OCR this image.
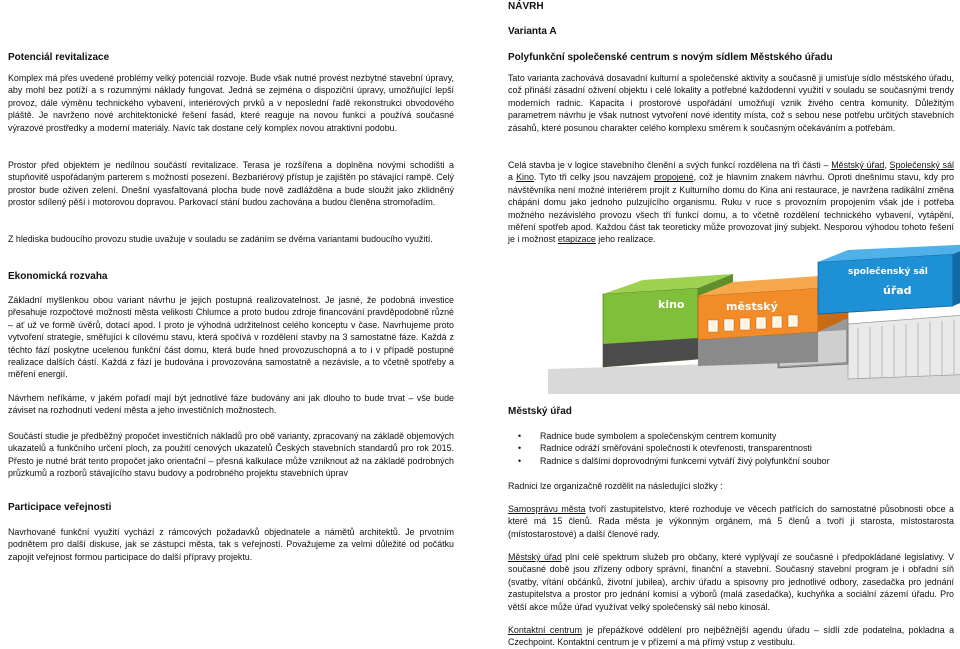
Potenciál revitalizace

Komplex má přes uvedené problémy velký potenciál rozvoje. Bude však nutné provést nezbytné stavební úpravy, aby mohl bez potíží a s rozumnými náklady fungovat. Jedná se zejména o dispoziční úpravy, umožňující lepší provoz, dále výměnu technického vybavení, interiérových prvků a v neposlední řadě rekonstrukci obvodového pláště. Je navrženo nové architektonické řešení fasád, které reaguje na novou funkci a používá současné výrazové prostředky a moderní materiály. Navíc tak dostane celý komplex novou atraktivní podobu.

Prostor před objektem je nedílnou součástí revitalizace. Terasa je rozšířena a doplněna novými schodišti a stupňovitě uspořádaným parterem s možností posezení. Bezbariérový přístup je zajištěn po stávající rampě. Celý prostor bude oživen zelení. Dnešní vyasfaltovaná plocha bude nově zadlážděna a bude sloužit jako zklidněný prostor sdílený pěší i motorovou dopravou. Parkovací stání budou zachována a budou členěna stromořadím.

Z hlediska budoucího provozu studie uvažuje v souladu se zadáním se dvěma variantami budoucího využití.

Ekonomická rozvaha

Základní myšlenkou obou variant návrhu je jejich postupná realizovatelnost. Je jasné, že podobná investice přesahuje rozpočtové možnosti města velikosti Chlumce a proto budou zdroje financování pravděpodobně různé – ať už ve formě úvěrů, dotací apod. I proto je výhodná udržitelnost celého konceptu v čase. Navrhujeme proto vytvoření strategie, směřující k cílovému stavu, která spočívá v rozdělení stavby na 3 samostatné fáze. Každá z těchto fází poskytne ucelenou funkční část domu, která bude hned provozuschopná a to i v případě postupné realizace dalších částí. Každá z fází je budována i provozována samostatně a nezávisle, a to včetně spotřeby a měření energií.

Návrhem neříkáme, v jakém pořadí mají být jednotlivé fáze budovány ani jak dlouho to bude trvat – vše bude záviset na rozhodnutí vedení města a jeho investičních možnostech.

Součástí studie je předběžný propočet investičních nákladů pro obě varianty, zpracovaný na základě objemových ukazatelů a funkčního určení ploch, za použití cenových ukazatelů Českých stavebních standardů pro rok 2015. Přesto je nutné brát tento propočet jako orientační – přesná kalkulace může vzniknout až na základě podrobných průzkumů a rozborů stávajícího stavu budovy a podrobného projektu stavebních úprav

Participace veřejnosti

Navrhované funkční využití vychází z rámcových požadavků objednatele a námětů architektů. Je prvotním podnětem pro další diskuse, jak se zástupci města, tak s veřejností. Považujeme za velmi důležité od počátku zapojit veřejnost formou participace do další přípravy projektu.

NÁVRH
Varianta A
Polyfunkční společenské centrum s novým sídlem Městského úřadu

Tato varianta zachovává dosavadní kulturní a společenské aktivity a současně ji umisťuje sídlo městského úřadu, což přináší zásadní oživení objektu i celé lokality a potřebné každodenní využití v souladu se současnými trendy moderních radnic. Kapacita i prostorové uspořádání umožňují vznik živého centra komunity. Důležitým parametrem návrhu je však nutnost vytvoření nové identity místa, což s sebou nese potřebu určitých stavebních zásahů, které posunou charakter celého komplexu směrem k současným očekáváním a potřebám.

Celá stavba je v logice stavebního členění a svých funkcí rozdělena na tři části – Městský úřad, Společenský sál a Kino. Tyto tři celky jsou navzájem propojené, což je hlavním znakem návrhu. Oproti dnešnímu stavu, kdy pro návštěvníka není možné interiérem projít z Kulturního domu do Kina ani restaurace, je navržena radikální změna chápání domu jako jednoho pulzujícího organismu. Ruku v ruce s provozním propojením však jde i potřeba možného nezávislého provozu všech tří funkcí domu, a to včetně rozdělení technického vybavení, vytápění, měření spotřeb apod. Každou část tak teoreticky může provozovat jiný subjekt. Nesporou výhodou tohoto řešení je i možnost etapizace jeho realizace.

kino	městský
úřad
společenský sál
Městský úřad
• Radnice bude symbolem a společenským centrem komunity
• Radnice odráží směřování společnosti k otevřenosti, transparentnosti
• Radnice s dalšími doprovodnými funkcemi vytváří živý polyfunkční soubor

Radnici lze organizačně rozdělit na následující složky :

Samosprávu města tvoří zastupitelstvo, které rozhoduje ve věcech patřících do samostatné působnosti obce a které má 15 členů. Rada města je výkonným orgánem, má 5 členů a tvoří ji starosta, místostarosta (místostarostové) a další členové rady.

Městský úřad plní celé spektrum služeb pro občany, které vyplývají ze současné i předpokládané legislativy. V současné době jsou zřízeny odbory správní, finanční a stavební. Současný stavební program je i obřadní síň (svatby, vítání občánků, životní jubilea), archiv úřadu a spisovny pro jednotlivé odbory, zasedačka pro jednání zastupitelstva a prostor pro jednání komisí a výborů (malá zasedačka), kuchyňka a sociální zázemí úřadu. Pro větší akce může úřad využívat velký společenský sál nebo kinosál.

Kontaktní centrum je přepážkové oddělení pro nejběžnější agendu úřadu – sídlí zde podatelna, pokladna a Czechpoint. Kontaktní centrum je v přízemí a má přímý vstup z vestibulu.
